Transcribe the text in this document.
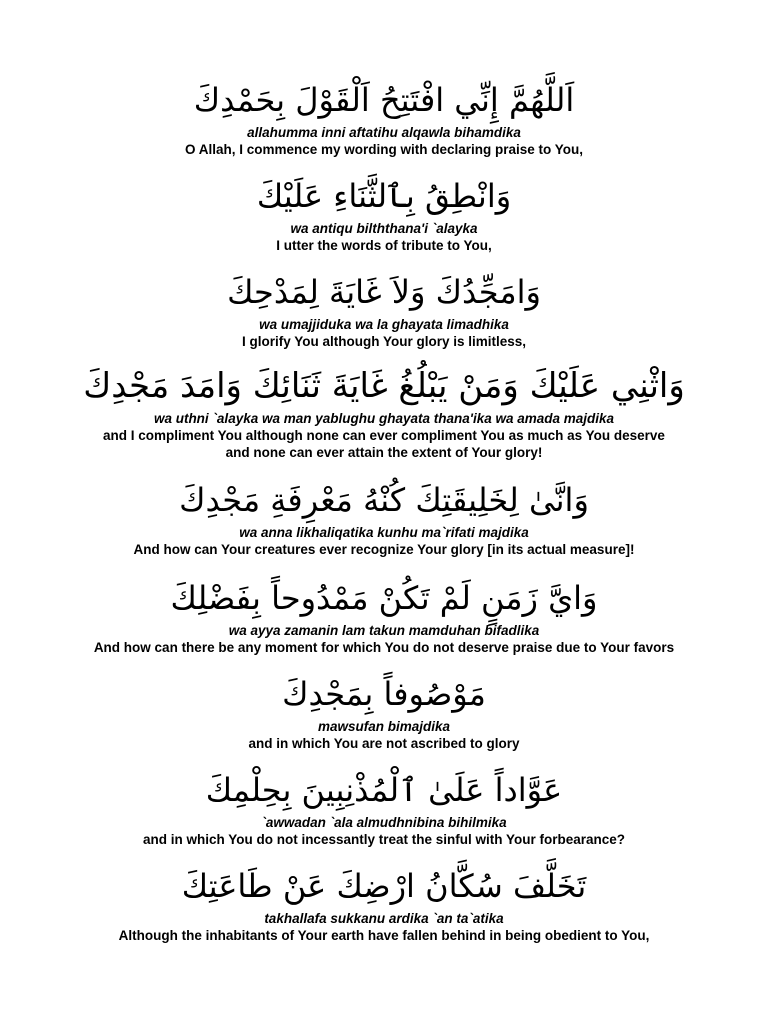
اَللَّهُمَّ إِنِّي افْتَتِحُ اَلْقَوْلَ بِحَمْدِكَ
allahumma inni aftatihu alqawla bihamdika
O Allah, I commence my wording with declaring praise to You,
وَانْطِقُ بِٱلثَّنَاءِ عَلَيْكَ
wa antiqu bilththana'i `alayka
I utter the words of tribute to You,
وَامَجِّدُكَ وَلاَ غَايَةَ لِمَدْحِكَ
wa umajjiduka wa la ghayata limadhika
I glorify You although Your glory is limitless,
وَاثْنِي عَلَيْكَ وَمَنْ يَبْلُغُ غَايَةَ ثَنَائِكَ وَامَدَ مَجْدِكَ
wa uthni `alayka wa man yablughu ghayata thana'ika wa amada majdika
and I compliment You although none can ever compliment You as much as You deserve
and none can ever attain the extent of Your glory!
وَانَّىٰ لِخَلِيقَتِكَ كُنْهُ مَعْرِفَةِ مَجْدِكَ
wa anna likhaliqatika kunhu ma`rifati majdika
And how can Your creatures ever recognize Your glory [in its actual measure]!
وَايَّ زَمَنٍ لَمْ تَكُنْ مَمْدُوحاً بِفَضْلِكَ
wa ayya zamanin lam takun mamduhan bifadlika
And how can there be any moment for which You do not deserve praise due to Your favors
مَوْصُوفاً بِمَجْدِكَ
mawsufan bimajdika
and in which You are not ascribed to glory
عَوَّاداً عَلَىٰ ٱلْمُذْنِبِينَ بِحِلْمِكَ
`awwadan `ala almudhnibina bihilmika
and in which You do not incessantly treat the sinful with Your forbearance?
تَخَلَّفَ سُكَّانُ ارْضِكَ عَنْ طَاعَتِكَ
takhallafa sukkanu ardika `an ta`atika
Although the inhabitants of Your earth have fallen behind in being obedient to You,
